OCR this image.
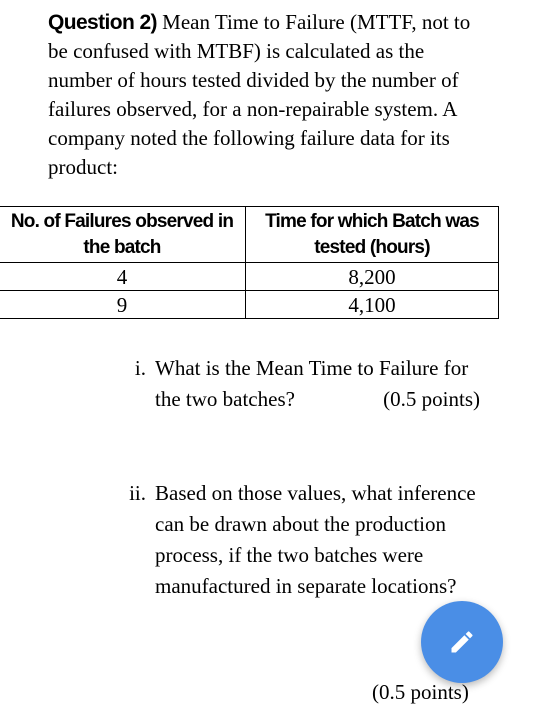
Question 2) Mean Time to Failure (MTTF, not to be confused with MTBF) is calculated as the number of hours tested divided by the number of failures observed, for a non-repairable system. A company noted the following failure data for its product:

No. of Failures observed in the batch	Time for which Batch was tested (hours)
4	8,200
9	4,100
i. What is the Mean Time to Failure for the two batches?	(0.5 points)
ii. Based on those values, what inference can be drawn about the production process, if the two batches were manufactured in separate locations?
(0.5 points)
